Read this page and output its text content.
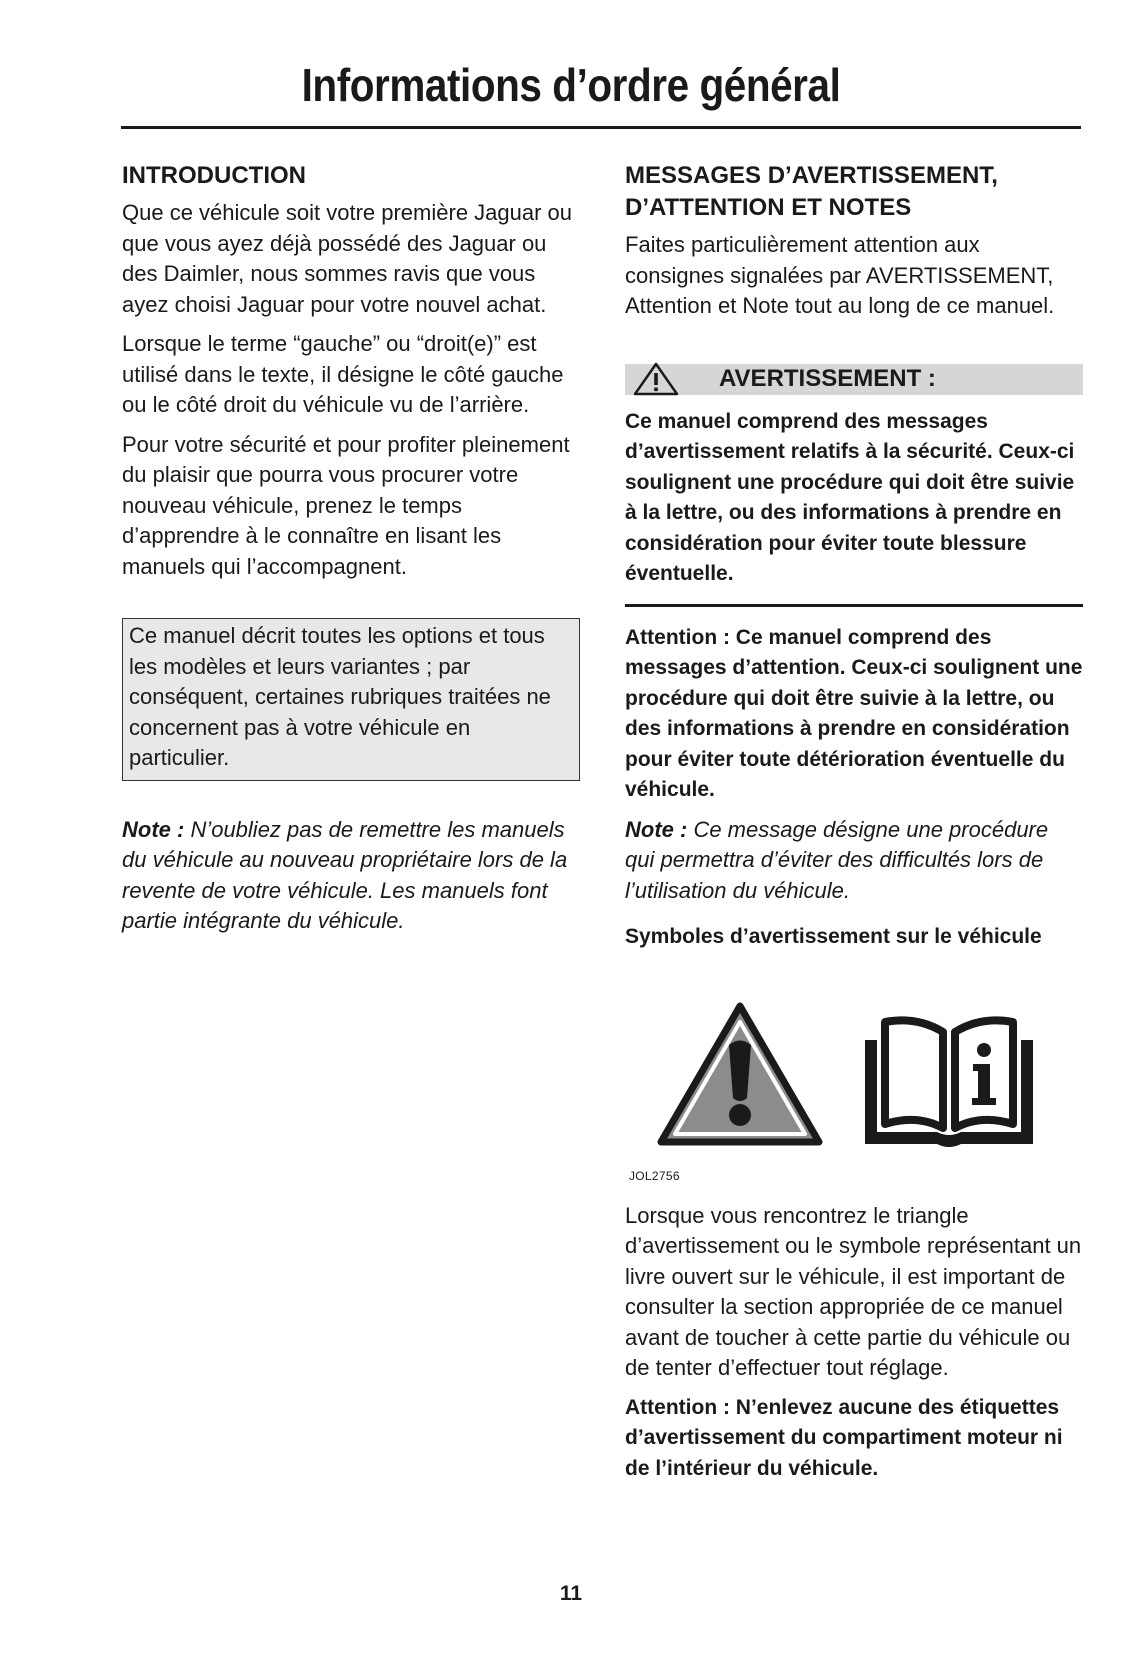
Informations d’ordre général
INTRODUCTION

Que ce véhicule soit votre première Jaguar ou que vous ayez déjà possédé des Jaguar ou des Daimler, nous sommes ravis que vous ayez choisi Jaguar pour votre nouvel achat.

Lorsque le terme “gauche” ou “droit(e)” est utilisé dans le texte, il désigne le côté gauche ou le côté droit du véhicule vu de l’arrière.

Pour votre sécurité et pour profiter pleinement du plaisir que pourra vous procurer votre nouveau véhicule, prenez le temps d’apprendre à le connaître en lisant les manuels qui l’accompagnent.

Ce manuel décrit toutes les options et tous les modèles et leurs variantes ; par conséquent, certaines rubriques traitées ne concernent pas à votre véhicule en particulier.

Note : N’oubliez pas de remettre les manuels du véhicule au nouveau propriétaire lors de la revente de votre véhicule. Les manuels font partie intégrante du véhicule.

MESSAGES D’AVERTISSEMENT, D’ATTENTION ET NOTES

Faites particulièrement attention aux consignes signalées par AVERTISSEMENT, Attention et Note tout au long de ce manuel.

AVERTISSEMENT :

Ce manuel comprend des messages d’avertissement relatifs à la sécurité. Ceux-ci soulignent une procédure qui doit être suivie à la lettre, ou des informations à prendre en considération pour éviter toute blessure éventuelle.

Attention : Ce manuel comprend des messages d’attention. Ceux-ci soulignent une procédure qui doit être suivie à la lettre, ou des informations à prendre en considération pour éviter toute détérioration éventuelle du véhicule.

Note : Ce message désigne une procédure qui permettra d’éviter des difficultés lors de l’utilisation du véhicule.

Symboles d’avertissement sur le véhicule

JOL2756

Lorsque vous rencontrez le triangle d’avertissement ou le symbole représentant un livre ouvert sur le véhicule, il est important de consulter la section appropriée de ce manuel avant de toucher à cette partie du véhicule ou de tenter d’effectuer tout réglage.

Attention : N’enlevez aucune des étiquettes d’avertissement du compartiment moteur ni de l’intérieur du véhicule.

11
